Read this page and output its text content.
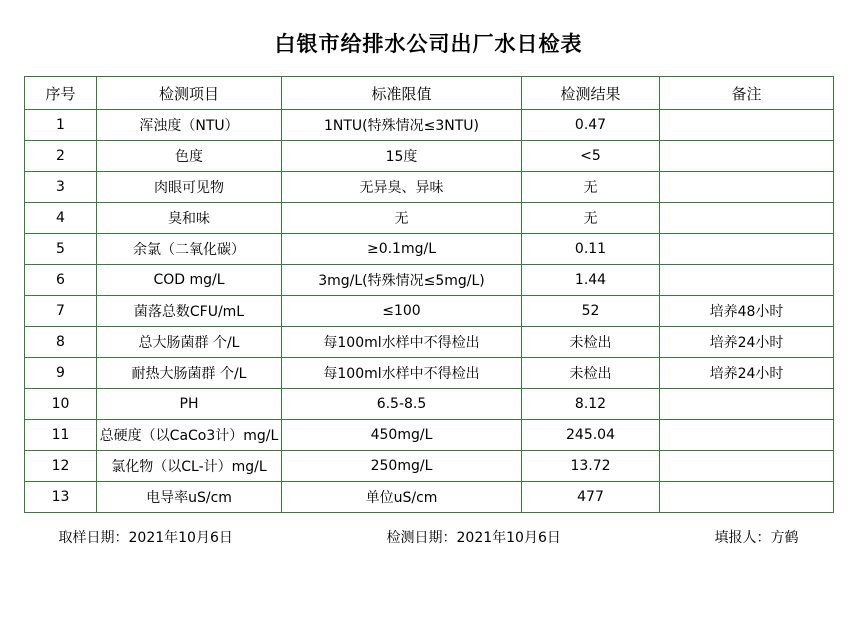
白银市给排水公司出厂水日检表
序号	检测项目	标准限值	检测结果	备注
1	浑浊度（NTU）	1NTU(特殊情况≤3NTU)	0.47	
2	色度	15度	<5	
3	肉眼可见物	无异臭、异味	无	
4	臭和味	无	无	
5	余氯（二氧化碳）	≥0.1mg/L	0.11	
6	COD mg/L	3mg/L(特殊情况≤5mg/L)	1.44	
7	菌落总数CFU/mL	≤100	52	培养48小时
8	总大肠菌群 个/L	每100ml水样中不得检出	未检出	培养24小时
9	耐热大肠菌群 个/L	每100ml水样中不得检出	未检出	培养24小时
10	PH	6.5-8.5	8.12	
11	总硬度（以CaCo3计）mg/L	450mg/L	245.04	
12	氯化物（以CL-计）mg/L	250mg/L	13.72	
13	电导率uS/cm	单位uS/cm	477	
取样日期：2021年10月6日	检测日期：2021年10月6日	填报人：方鹤
